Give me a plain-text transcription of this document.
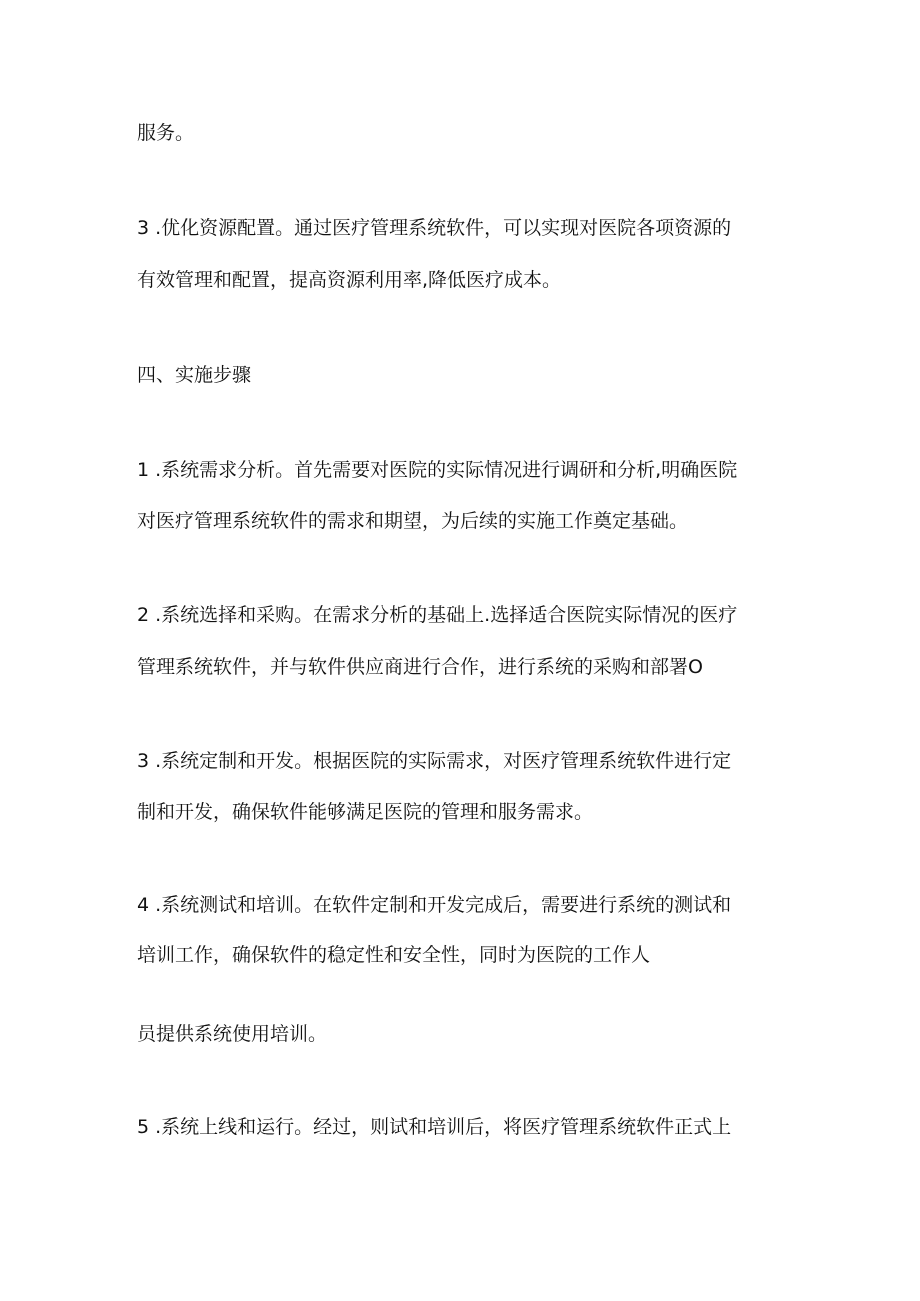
服务。
3 .优化资源配置。通过医疗管理系统软件，可以实现对医院各项资源的
有效管理和配置，提高资源利用率,降低医疗成本。
四、实施步骤
1 .系统需求分析。首先需要对医院的实际情况进行调研和分析,明确医院
对医疗管理系统软件的需求和期望，为后续的实施工作奠定基础。
2 .系统选择和采购。在需求分析的基础上.选择适合医院实际情况的医疗
管理系统软件，并与软件供应商进行合作，进行系统的采购和部署O
3 .系统定制和开发。根据医院的实际需求，对医疗管理系统软件进行定
制和开发，确保软件能够满足医院的管理和服务需求。
4 .系统测试和培训。在软件定制和开发完成后，需要进行系统的测试和
培训工作，确保软件的稳定性和安全性，同时为医院的工作人
员提供系统使用培训。
5 .系统上线和运行。经过，则试和培训后，将医疗管理系统软件正式上
